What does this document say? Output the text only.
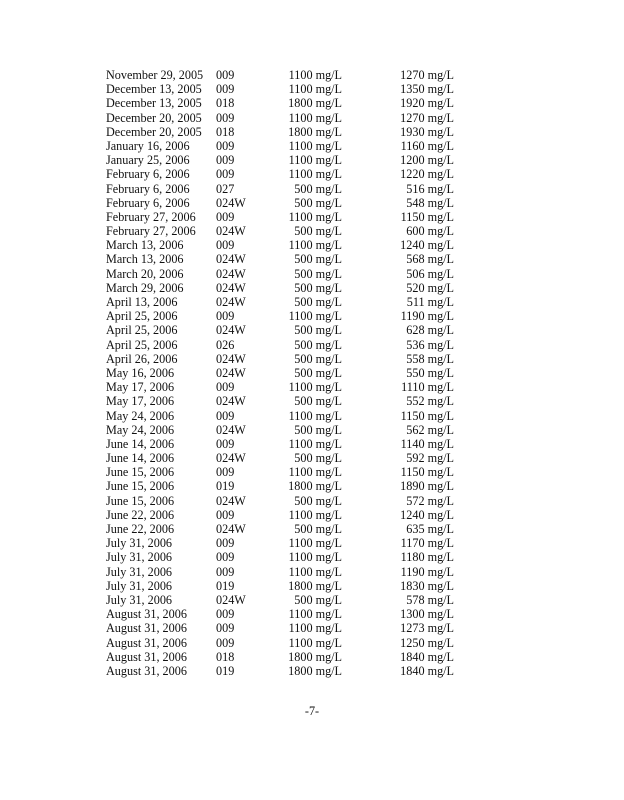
November 29, 2005 009	1100 mg/L	1270 mg/L
December 13, 2005 009	1100 mg/L	1350 mg/L
December 13, 2005 018	1800 mg/L	1920 mg/L
December 20, 2005 009	1100 mg/L	1270 mg/L
December 20, 2005 018	1800 mg/L	1930 mg/L
January 16, 2006 009	1100 mg/L	1160 mg/L
January 25, 2006 009	1100 mg/L	1200 mg/L
February 6, 2006 009	1100 mg/L	1220 mg/L
February 6, 2006 027	500 mg/L	516 mg/L
February 6, 2006 024W	500 mg/L	548 mg/L
February 27, 2006 009	1100 mg/L	1150 mg/L
February 27, 2006 024W	500 mg/L	600 mg/L
March 13, 2006	009	1100 mg/L	1240 mg/L
March 13, 2006	024W	500 mg/L	568 mg/L
March 20, 2006	024W	500 mg/L	506 mg/L
March 29, 2006	024W	500 mg/L	520 mg/L
April 13, 2006	024W	500 mg/L	511 mg/L
April 25, 2006	009	1100 mg/L	1190 mg/L
April 25, 2006	024W	500 mg/L	628 mg/L
April 25, 2006	026	500 mg/L	536 mg/L
April 26, 2006	024W	500 mg/L	558 mg/L
May 16, 2006	024W	500 mg/L	550 mg/L
May 17, 2006	009	1100 mg/L	1110 mg/L
May 17, 2006	024W	500 mg/L	552 mg/L
May 24, 2006	009	1100 mg/L	1150 mg/L
May 24, 2006	024W	500 mg/L	562 mg/L
June 14, 2006	009	1100 mg/L	1140 mg/L
June 14, 2006	024W	500 mg/L	592 mg/L
June 15, 2006	009	1100 mg/L	1150 mg/L
June 15, 2006	019	1800 mg/L	1890 mg/L
June 15, 2006	024W	500 mg/L	572 mg/L
June 22, 2006	009	1100 mg/L	1240 mg/L
June 22, 2006	024W	500 mg/L	635 mg/L
July 31, 2006	009	1100 mg/L	1170 mg/L
July 31, 2006	009	1100 mg/L	1180 mg/L
July 31, 2006	009	1100 mg/L	1190 mg/L
July 31, 2006	019	1800 mg/L	1830 mg/L
July 31, 2006	024W	500 mg/L	578 mg/L
August 31, 2006 009	1100 mg/L	1300 mg/L
August 31, 2006 009	1100 mg/L	1273 mg/L
August 31, 2006 009	1100 mg/L	1250 mg/L
August 31, 2006 018	1800 mg/L	1840 mg/L
August 31, 2006 019	1800 mg/L	1840 mg/L
-7-
